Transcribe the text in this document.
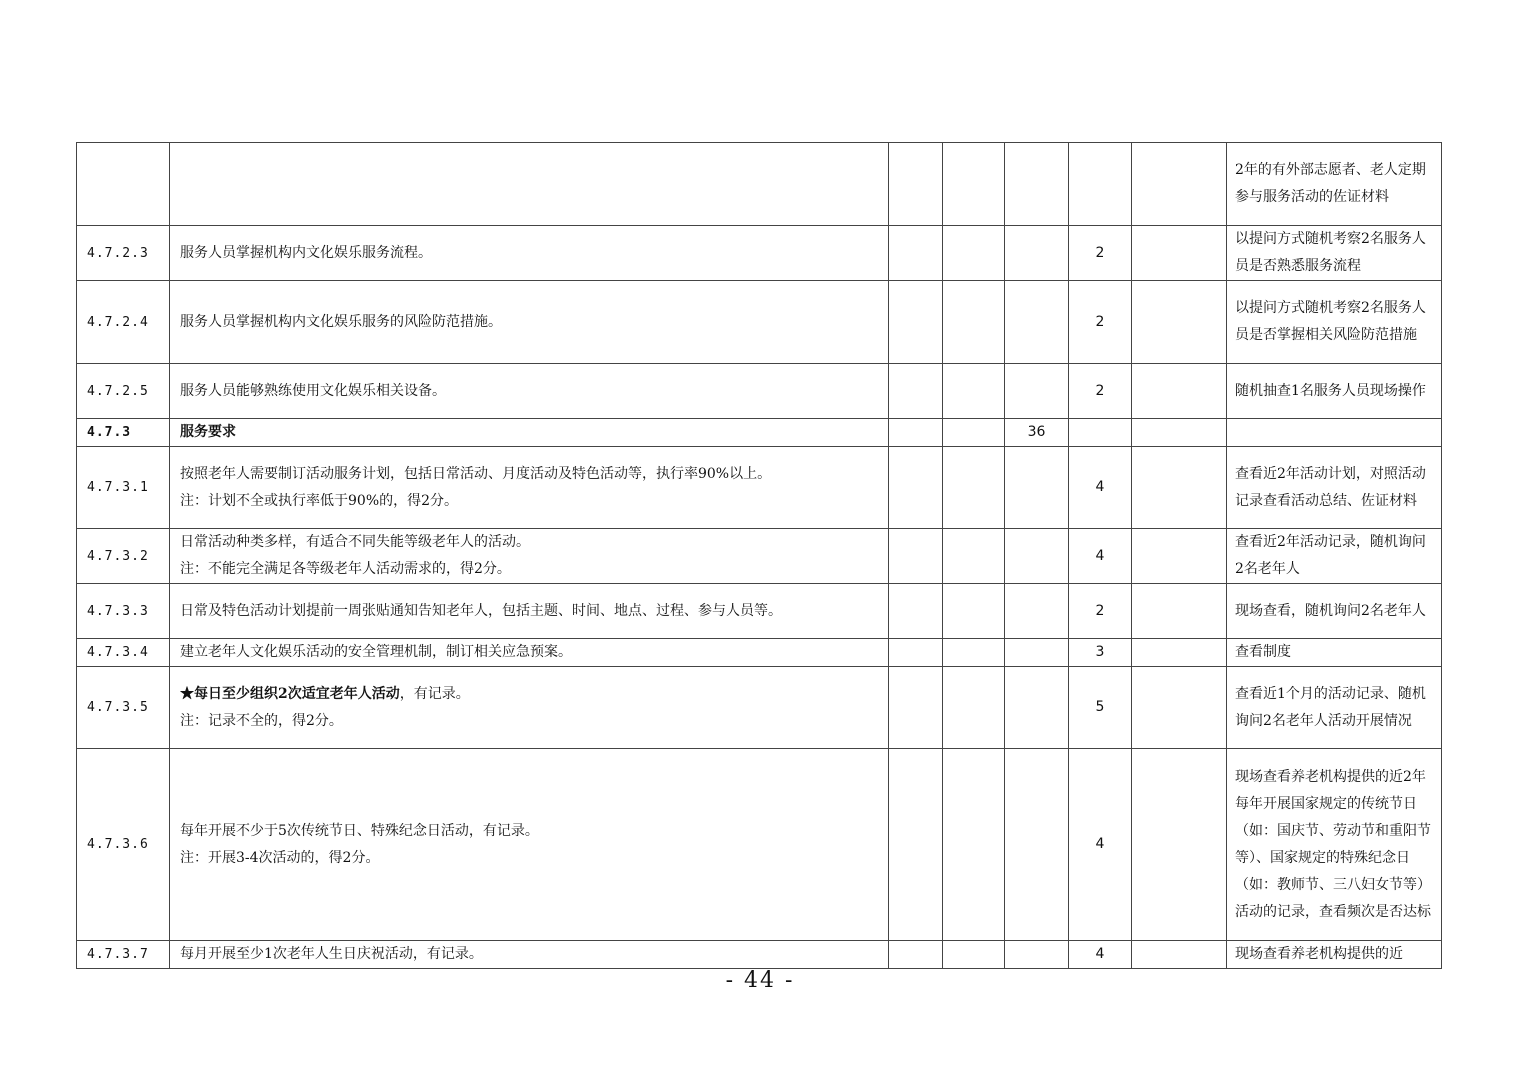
							2年的有外部志愿者、老人定期参与服务活动的佐证材料
4.7.2.3	服务人员掌握机构内文化娱乐服务流程。				2		以提问方式随机考察2名服务人员是否熟悉服务流程
4.7.2.4	服务人员掌握机构内文化娱乐服务的风险防范措施。				2		以提问方式随机考察2名服务人员是否掌握相关风险防范措施
4.7.2.5	服务人员能够熟练使用文化娱乐相关设备。				2		随机抽查1名服务人员现场操作
4.7.3	服务要求			36			
4.7.3.1	按照老年人需要制订活动服务计划，包括日常活动、月度活动及特色活动等，执行率90%以上。
注：计划不全或执行率低于90%的，得2分。				4		查看近2年活动计划，对照活动记录查看活动总结、佐证材料
4.7.3.2	日常活动种类多样，有适合不同失能等级老年人的活动。
注：不能完全满足各等级老年人活动需求的，得2分。				4		查看近2年活动记录，随机询问2名老年人
4.7.3.3	日常及特色活动计划提前一周张贴通知告知老年人，包括主题、时间、地点、过程、参与人员等。				2		现场查看，随机询问2名老年人
4.7.3.4	建立老年人文化娱乐活动的安全管理机制，制订相关应急预案。				3		查看制度
4.7.3.5	★每日至少组织2次适宜老年人活动，有记录。
注：记录不全的，得2分。				5		查看近1个月的活动记录、随机询问2名老年人活动开展情况
4.7.3.6	每年开展不少于5次传统节日、特殊纪念日活动，有记录。
注：开展3-4次活动的，得2分。				4		现场查看养老机构提供的近2年每年开展国家规定的传统节日（如：国庆节、劳动节和重阳节等）、国家规定的特殊纪念日（如：教师节、三八妇女节等）活动的记录，查看频次是否达标
4.7.3.7	每月开展至少1次老年人生日庆祝活动，有记录。				4		现场查看养老机构提供的近
- 44 -
